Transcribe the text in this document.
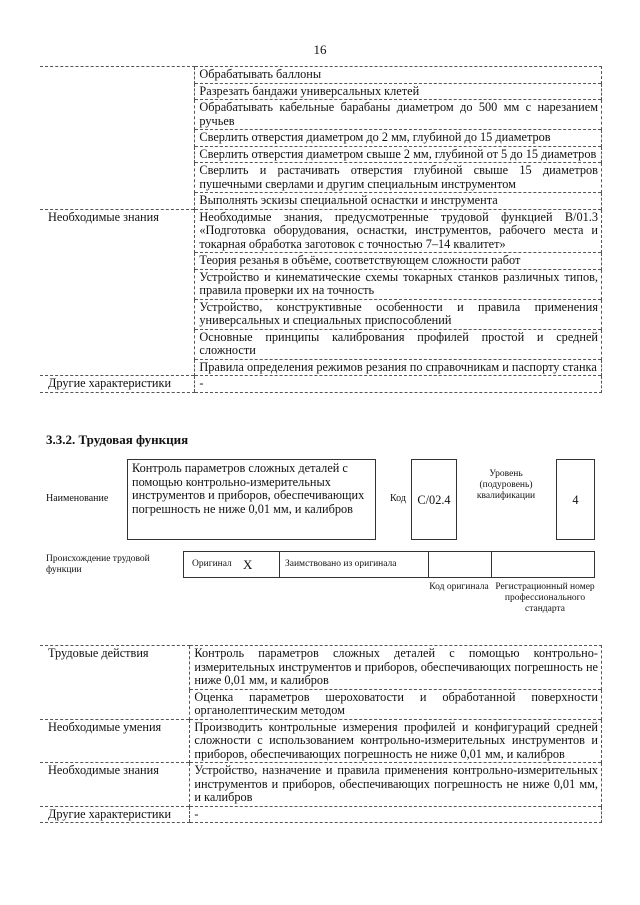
16
	Обрабатывать баллоны
	Разрезать бандажи универсальных клетей
	Обрабатывать кабельные барабаны диаметром до 500 мм с нарезанием ручьев
	Сверлить отверстия диаметром до 2 мм, глубиной до 15 диаметров
	Сверлить отверстия диаметром свыше 2 мм, глубиной от 5 до 15 диаметров
	Сверлить и растачивать отверстия глубиной свыше 15 диаметров пушечными сверлами и другим специальным инструментом
	Выполнять эскизы специальной оснастки и инструмента
Необходимые знания	Необходимые знания, предусмотренные трудовой функцией B/01.3 «Подготовка оборудования, оснастки, инструментов, рабочего места и токарная обработка заготовок с точностью 7–14 квалитет»
	Теория резанья в объёме, соответствующем сложности работ
	Устройство и кинематические схемы токарных станков различных типов, правила проверки их на точность
	Устройство, конструктивные особенности и правила применения универсальных и специальных приспособлений
	Основные принципы калибрования профилей простой и средней сложности
	Правила определения режимов резания по справочникам и паспорту станка
Другие характеристики	-
3.3.2. Трудовая функция
Наименование
Контроль параметров сложных деталей с помощью контрольно-измерительных инструментов и приборов, обеспечивающих погрешность не ниже 0,01 мм, и калибров
Код C/02.4
Уровень (подуровень) квалификации	4
Происхождение трудовой функции
Оригинал X	Заимствовано из оригинала
Код оригинала Регистрационный номер профессионального стандарта
Трудовые действия	Контроль параметров сложных деталей с помощью контрольно-измерительных инструментов и приборов, обеспечивающих погрешность не ниже 0,01 мм, и калибров
	Оценка параметров шероховатости и обработанной поверхности органолептическим методом
Необходимые умения	Производить контрольные измерения профилей и конфигураций средней сложности с использованием контрольно-измерительных инструментов и приборов, обеспечивающих погрешность не ниже 0,01 мм, и калибров
Необходимые знания	Устройство, назначение и правила применения контрольно-измерительных инструментов и приборов, обеспечивающих погрешность не ниже 0,01 мм, и калибров
Другие характеристики	-
